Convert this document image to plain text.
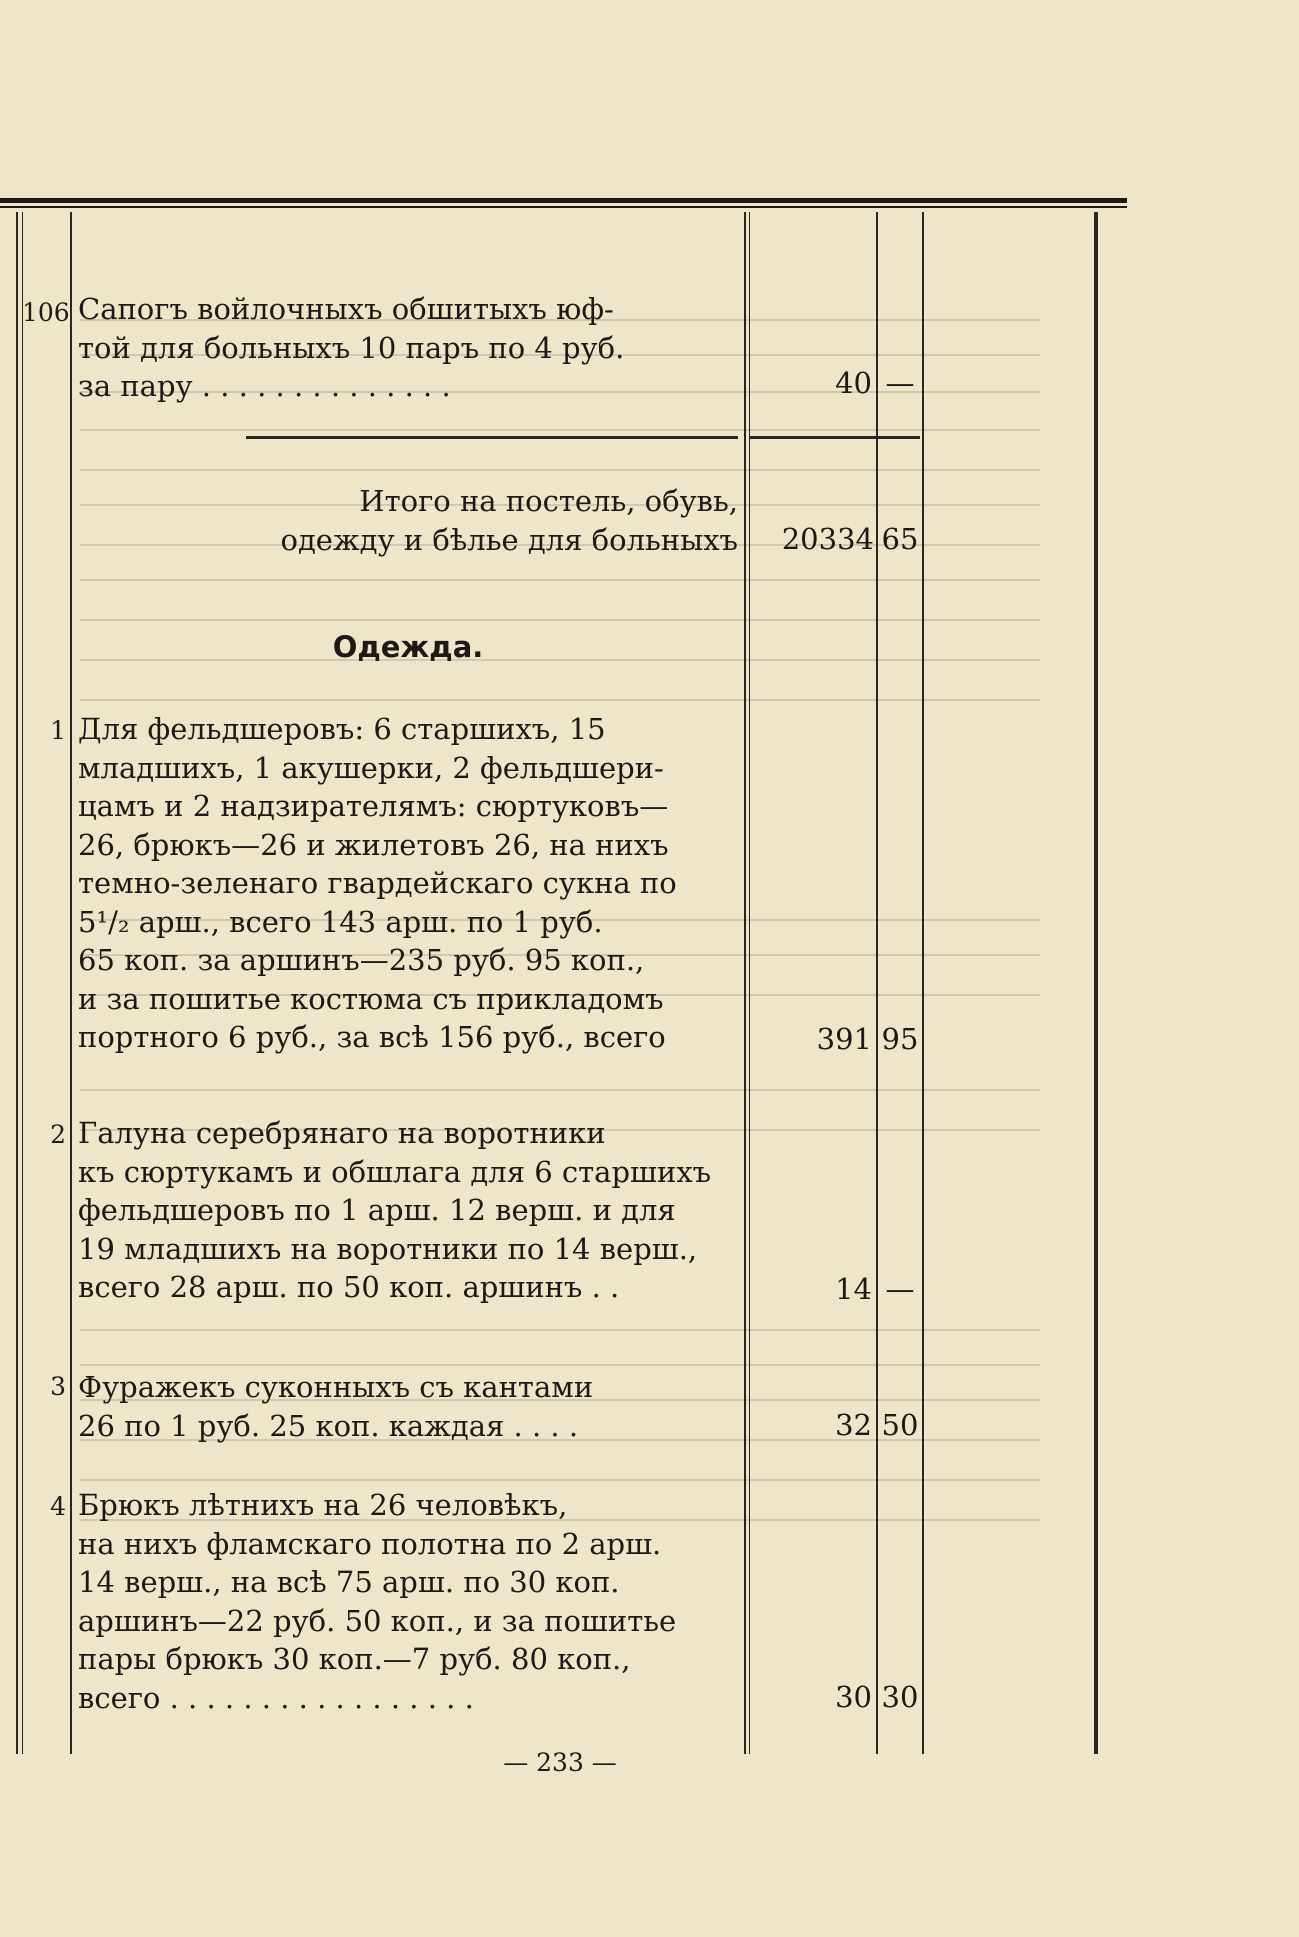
106 Сапогъ войлочныхъ обшитыхъ юф-
той для больныхъ 10 паръ по 4 руб.
за пару . . . . . . . . . . . . . .	40 —
Итого на постель, обувь,
одежду и бѣлье для больныхъ	20334 65
Одежда.
1 Для фельдшеровъ: 6 старшихъ, 15
младшихъ, 1 акушерки, 2 фельдшери-
цамъ и 2 надзирателямъ: сюртуковъ—
26, брюкъ—26 и жилетовъ 26, на нихъ
темно-зеленаго гвардейскаго сукна по
5¹/₂ арш., всего 143 арш. по 1 руб.
65 коп. за аршинъ—235 руб. 95 коп.,
и за пошитье костюма съ прикладомъ
портного 6 руб., за всѣ 156 руб., всего	391 95
2 Галуна серебрянаго на воротники
къ сюртукамъ и обшлага для 6 старшихъ
фельдшеровъ по 1 арш. 12 верш. и для
19 младшихъ на воротники по 14 верш.,
всего 28 арш. по 50 коп. аршинъ . .	14 —
3 Фуражекъ суконныхъ съ кантами
26 по 1 руб. 25 коп. каждая . . . .	32 50
4 Брюкъ лѣтнихъ на 26 человѣкъ,
на нихъ фламскаго полотна по 2 арш.
14 верш., на всѣ 75 арш. по 30 коп.
аршинъ—22 руб. 50 коп., и за пошитье
пары брюкъ 30 коп.—7 руб. 80 коп.,
всего . . . . . . . . . . . . . . . . .	30 30
— 233 —
